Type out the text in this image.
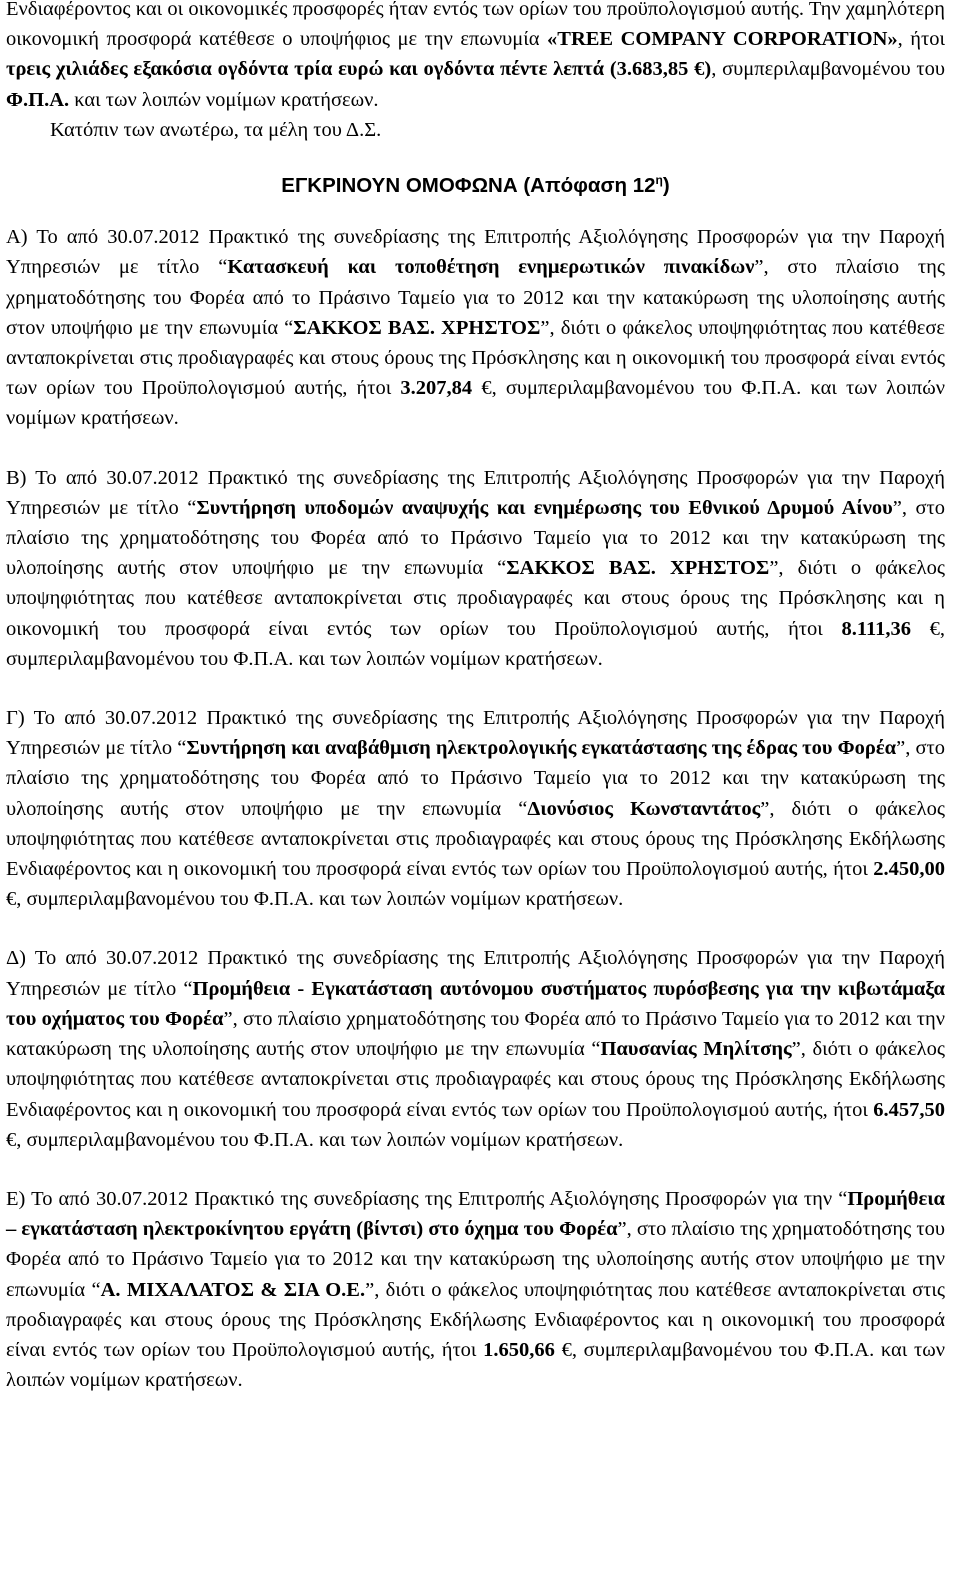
Ενδιαφέροντος και οι οικονομικές προσφορές ήταν εντός των ορίων του προϋπολογισμού αυτής. Την χαμηλότερη οικονομική προσφορά κατέθεσε ο υποψήφιος με την επωνυμία «TREE COMPANY CORPORATION», ήτοι τρεις χιλιάδες εξακόσια ογδόντα τρία ευρώ και ογδόντα πέντε λεπτά (3.683,85 €), συμπεριλαμβανομένου του Φ.Π.Α. και των λοιπών νομίμων κρατήσεων.

Κατόπιν των ανωτέρω, τα μέλη του Δ.Σ.

ΕΓΚΡΙΝΟΥΝ ΟΜΟΦΩΝΑ (Απόφαση $12^\eta$)

Α) Το από 30.07.2012 Πρακτικό της συνεδρίασης της Επιτροπής Αξιολόγησης Προσφορών για την Παροχή Υπηρεσιών με τίτλο “Κατασκευή και τοποθέτηση ενημερωτικών πινακίδων”, στο πλαίσιο της χρηματοδότησης του Φορέα από το Πράσινο Ταμείο για το 2012 και την κατακύρωση της υλοποίησης αυτής στον υποψήφιο με την επωνυμία “ΣΑΚΚΟΣ ΒΑΣ. ΧΡΗΣΤΟΣ”, διότι ο φάκελος υποψηφιότητας που κατέθεσε ανταποκρίνεται στις προδιαγραφές και στους όρους της Πρόσκλησης και η οικονομική του προσφορά είναι εντός των ορίων του Προϋπολογισμού αυτής, ήτοι 3.207,84 €, συμπεριλαμβανομένου του Φ.Π.Α. και των λοιπών νομίμων κρατήσεων.

Β) Το από 30.07.2012 Πρακτικό της συνεδρίασης της Επιτροπής Αξιολόγησης Προσφορών για την Παροχή Υπηρεσιών με τίτλο “Συντήρηση υποδομών αναψυχής και ενημέρωσης του Εθνικού Δρυμού Αίνου”, στο πλαίσιο της χρηματοδότησης του Φορέα από το Πράσινο Ταμείο για το 2012 και την κατακύρωση της υλοποίησης αυτής στον υποψήφιο με την επωνυμία “ΣΑΚΚΟΣ ΒΑΣ. ΧΡΗΣΤΟΣ”, διότι ο φάκελος υποψηφιότητας που κατέθεσε ανταποκρίνεται στις προδιαγραφές και στους όρους της Πρόσκλησης και η οικονομική του προσφορά είναι εντός των ορίων του Προϋπολογισμού αυτής, ήτοι 8.111,36 €, συμπεριλαμβανομένου του Φ.Π.Α. και των λοιπών νομίμων κρατήσεων.

Γ) Το από 30.07.2012 Πρακτικό της συνεδρίασης της Επιτροπής Αξιολόγησης Προσφορών για την Παροχή Υπηρεσιών με τίτλο “Συντήρηση και αναβάθμιση ηλεκτρολογικής εγκατάστασης της έδρας του Φορέα”, στο πλαίσιο της χρηματοδότησης του Φορέα από το Πράσινο Ταμείο για το 2012 και την κατακύρωση της υλοποίησης αυτής στον υποψήφιο με την επωνυμία “Διονύσιος Κωνσταντάτος”, διότι ο φάκελος υποψηφιότητας που κατέθεσε ανταποκρίνεται στις προδιαγραφές και στους όρους της Πρόσκλησης Εκδήλωσης Ενδιαφέροντος και η οικονομική του προσφορά είναι εντός των ορίων του Προϋπολογισμού αυτής, ήτοι 2.450,00 €, συμπεριλαμβανομένου του Φ.Π.Α. και των λοιπών νομίμων κρατήσεων.

Δ) Το από 30.07.2012 Πρακτικό της συνεδρίασης της Επιτροπής Αξιολόγησης Προσφορών για την Παροχή Υπηρεσιών με τίτλο “Προμήθεια - Εγκατάσταση αυτόνομου συστήματος πυρόσβεσης για την κιβωτάμαξα του οχήματος του Φορέα”, στο πλαίσιο χρηματοδότησης του Φορέα από το Πράσινο Ταμείο για το 2012 και την κατακύρωση της υλοποίησης αυτής στον υποψήφιο με την επωνυμία “Παυσανίας Μηλίτσης”, διότι ο φάκελος υποψηφιότητας που κατέθεσε ανταποκρίνεται στις προδιαγραφές και στους όρους της Πρόσκλησης Εκδήλωσης Ενδιαφέροντος και η οικονομική του προσφορά είναι εντός των ορίων του Προϋπολογισμού αυτής, ήτοι 6.457,50 €, συμπεριλαμβανομένου του Φ.Π.Α. και των λοιπών νομίμων κρατήσεων.

Ε) Το από 30.07.2012 Πρακτικό της συνεδρίασης της Επιτροπής Αξιολόγησης Προσφορών για την “Προμήθεια – εγκατάσταση ηλεκτροκίνητου εργάτη (βίντσι) στο όχημα του Φορέα”, στο πλαίσιο της χρηματοδότησης του Φορέα από το Πράσινο Ταμείο για το 2012 και την κατακύρωση της υλοποίησης αυτής στον υποψήφιο με την επωνυμία “Α. ΜΙΧΑΛΑΤΟΣ & ΣΙΑ Ο.Ε.”, διότι ο φάκελος υποψηφιότητας που κατέθεσε ανταποκρίνεται στις προδιαγραφές και στους όρους της Πρόσκλησης Εκδήλωσης Ενδιαφέροντος και η οικονομική του προσφορά είναι εντός των ορίων του Προϋπολογισμού αυτής, ήτοι 1.650,66 €, συμπεριλαμβανομένου του Φ.Π.Α. και των λοιπών νομίμων κρατήσεων.
